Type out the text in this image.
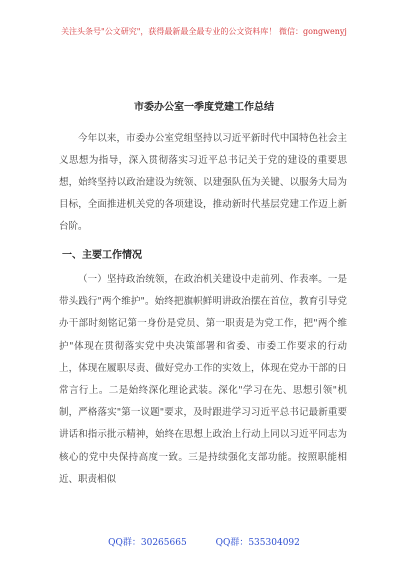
关注头条号"公文研究"，获得最新最全最专业的公文资料库！ 微信：gongwenyj
市委办公室一季度党建工作总结
今年以来，市委办公室党组坚持以习近平新时代中国特色社会主义思想为指导，深入贯彻落实习近平总书记关于党的建设的重要思想，始终坚持以政治建设为统领、以建强队伍为关键、以服务大局为目标，全面推进机关党的各项建设，推动新时代基层党建工作迈上新台阶。
一、主要工作情况
（一）坚持政治统领，在政治机关建设中走前列、作表率。一是带头践行"两个维护"。始终把旗帜鲜明讲政治摆在首位，教育引导党办干部时刻铭记第一身份是党员、第一职责是为党工作，把"两个维护"体现在贯彻落实党中央决策部署和省委、市委工作要求的行动上，体现在履职尽责、做好党办工作的实效上，体现在党办干部的日常言行上。二是始终深化理论武装。深化"学习在先、思想引领"机制，严格落实"第一议题"要求，及时跟进学习习近平总书记最新重要讲话和指示批示精神，始终在思想上政治上行动上同以习近平同志为核心的党中央保持高度一致。三是持续强化支部功能。按照职能相近、职责相似
QQ群：30265665	QQ群：535304092
